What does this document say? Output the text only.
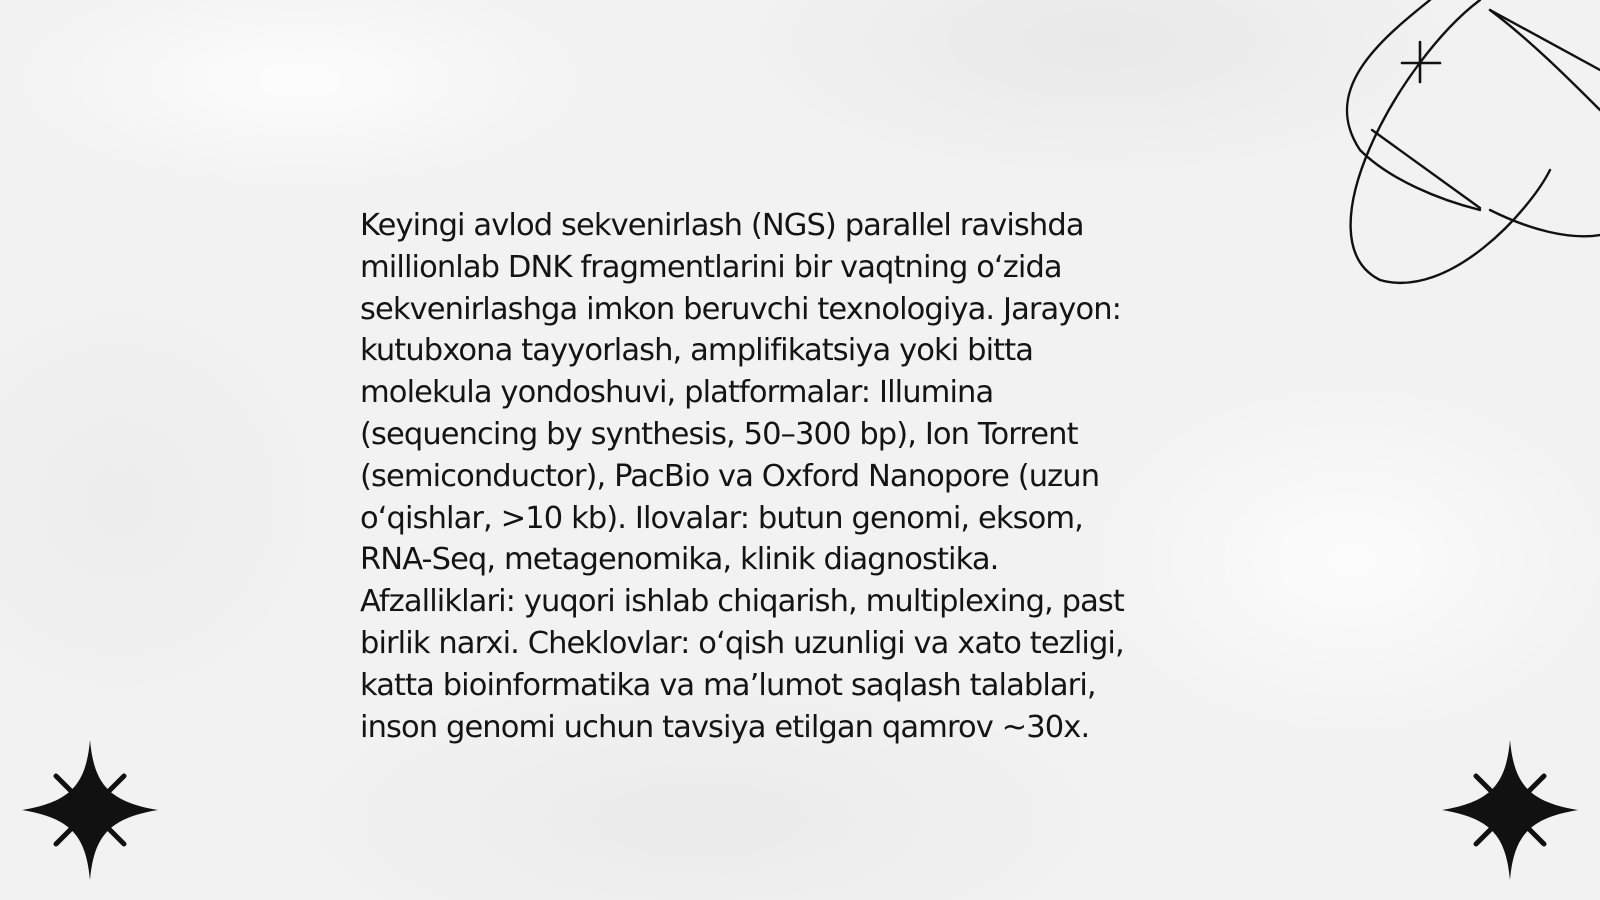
Keyingi avlod sekvenirlash (NGS) parallel ravishda
millionlab DNK fragmentlarini bir vaqtning o‘zida
sekvenirlashga imkon beruvchi texnologiya. Jarayon:
kutubxona tayyorlash, amplifikatsiya yoki bitta
molekula yondoshuvi, platformalar: Illumina
(sequencing by synthesis, 50–300 bp), Ion Torrent
(semiconductor), PacBio va Oxford Nanopore (uzun
o‘qishlar, >10 kb). Ilovalar: butun genomi, eksom,
RNA-Seq, metagenomika, klinik diagnostika.
Afzalliklari: yuqori ishlab chiqarish, multiplexing, past
birlik narxi. Cheklovlar: o‘qish uzunligi va xato tezligi,
katta bioinformatika va ma’lumot saqlash talablari,
inson genomi uchun tavsiya etilgan qamrov ~30x.
